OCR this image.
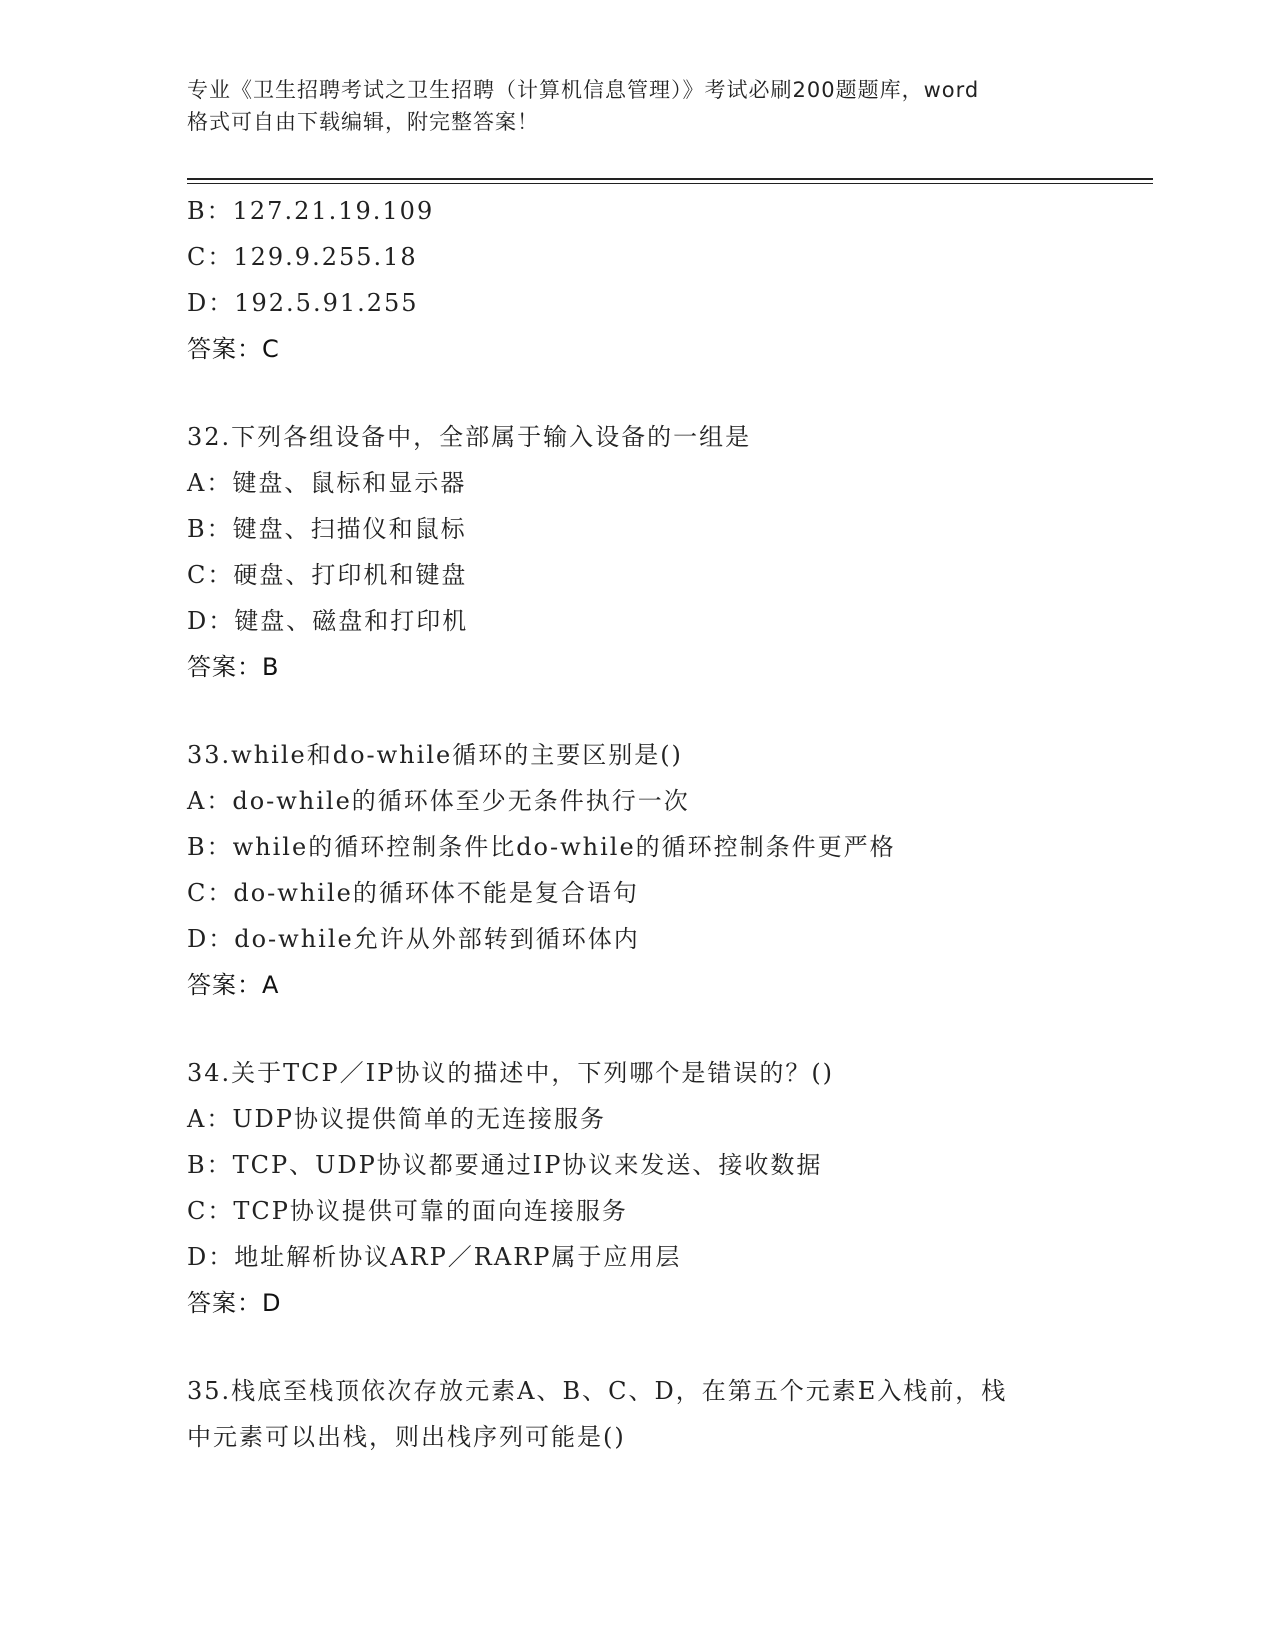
专业《卫生招聘考试之卫生招聘（计算机信息管理）》考试必刷200题题库，word
格式可自由下载编辑，附完整答案！
B：127.21.19.109
C：129.9.255.18
D：192.5.91.255
答案：C
32.下列各组设备中，全部属于输入设备的一组是
A：键盘、鼠标和显示器
B：键盘、扫描仪和鼠标
C：硬盘、打印机和键盘
D：键盘、磁盘和打印机
答案：B
33.while和do-while循环的主要区别是()
A：do-while的循环体至少无条件执行一次
B：while的循环控制条件比do-while的循环控制条件更严格
C：do-while的循环体不能是复合语句
D：do-while允许从外部转到循环体内
答案：A
34.关于TCP／IP协议的描述中，下列哪个是错误的？()
A：UDP协议提供简单的无连接服务
B：TCP、UDP协议都要通过IP协议来发送、接收数据
C：TCP协议提供可靠的面向连接服务
D：地址解析协议ARP／RARP属于应用层
答案：D
35.栈底至栈顶依次存放元素A、B、C、D，在第五个元素E入栈前，栈
中元素可以出栈，则出栈序列可能是()
